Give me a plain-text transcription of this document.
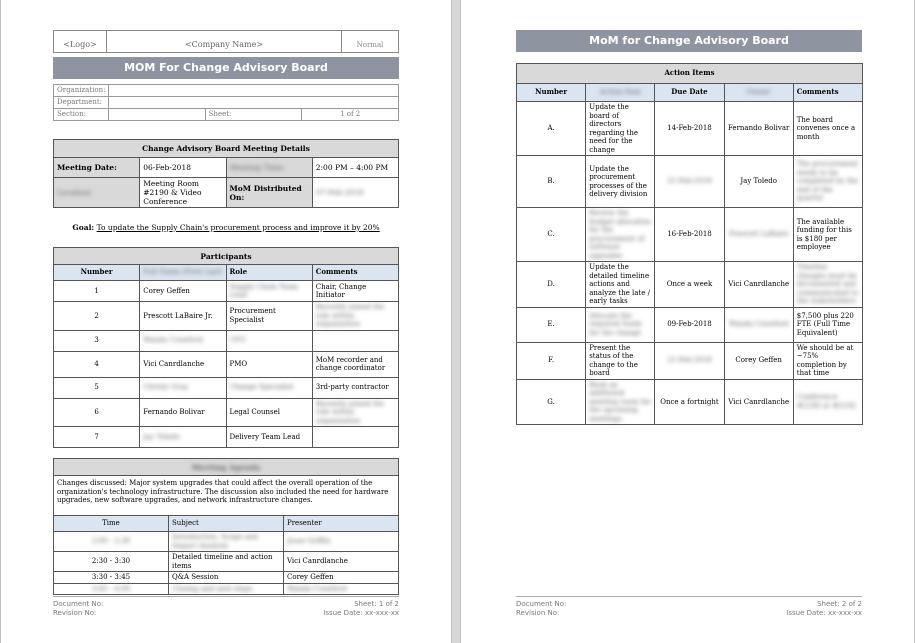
<Logo>	<Company Name>	Normal
MOM For Change Advisory Board
Organization:			
Department:			
Section:		Sheet:	1 of 2
Change Advisory Board Meeting Details			
Meeting Date:	06-Feb-2018	Meeting Time:	2:00 PM – 4:00 PM
Location:	Meeting Room #2190 & Video Conference	MoM Distributed On:	07-Feb-2018
Goal: To update the Supply Chain's procurement process and improve it by 20%
Participants			
Number	Full Name (First Last)	Role	Comments
1	Corey Geffen	Supply Chain Team Lead	Chair, Change Initiator
2	Prescott LaBaire Jr.	Procurement Specialist	Recently joined the role within organization
3	Wanda Crawford	CFO	
4	Vici Canrdlanche	PMO	MoM recorder and change coordinator
5	Christy Gray	Change Specialist	3rd-party contractor
6	Fernando Bolivar	Legal Counsel	Recently joined the role within organization
7	Jay Toledo	Delivery Team Lead	
Meeting Agenda		
Changes discussed: Major system upgrades that could affect the overall operation of the organization's technology infrastructure. The discussion also included the need for hardware upgrades, new software upgrades, and network infrastructure changes.		
Time	Subject	Presenter
2:00 - 2:30	Introduction, Scope and Impact Analysis	Jesse Griffin
2:30 - 3:30	Detailed timeline and action items	Vici Canrdlanche
3:30 - 3:45	Q&A Session	Corey Geffen
3:45 - 4:00	Closing and next steps	Wanda Crawford
Document No:
Revision No:
Sheet: 1 of 2
Issue Date: xx-xxx-xx
MoM for Change Advisory Board
Action Items				
Number	Action Item	Due Date	Owner	Comments
A.	Update the board of directors regarding the need for the change	14-Feb-2018	Fernando Bolivar	The board convenes once a month
B.	Update the procurement processes of the delivery division	21-Feb-2018	Jay Toledo	The procurement needs to be completed by the end of the quarter
C.	Review the budget allocation for the procurement of software upgrades	16-Feb-2018	Prescott LaBaire	The available funding for this is $180 per employee
D.	Update the detailed timeline actions and analyze the late / early tasks	Once a week	Vici Canrdlanche	Timeline changes must be documented and communicated to the stakeholders
E.	Allocate the required funds for the change	09-Feb-2018	Wanda Crawford	$7,500 plus 220 FTE (Full Time Equivalent)
F.	Present the status of the change to the board	21-Feb-2018	Corey Geffen	We should be at ~75% completion by that time
G.	Book an additional meeting room for the upcoming meetings	Once a fortnight	Vici Canrdlanche	Conference #2190 or #2192
Document No:
Revision No:
Sheet: 2 of 2
Issue Date: xx-xxx-xx
